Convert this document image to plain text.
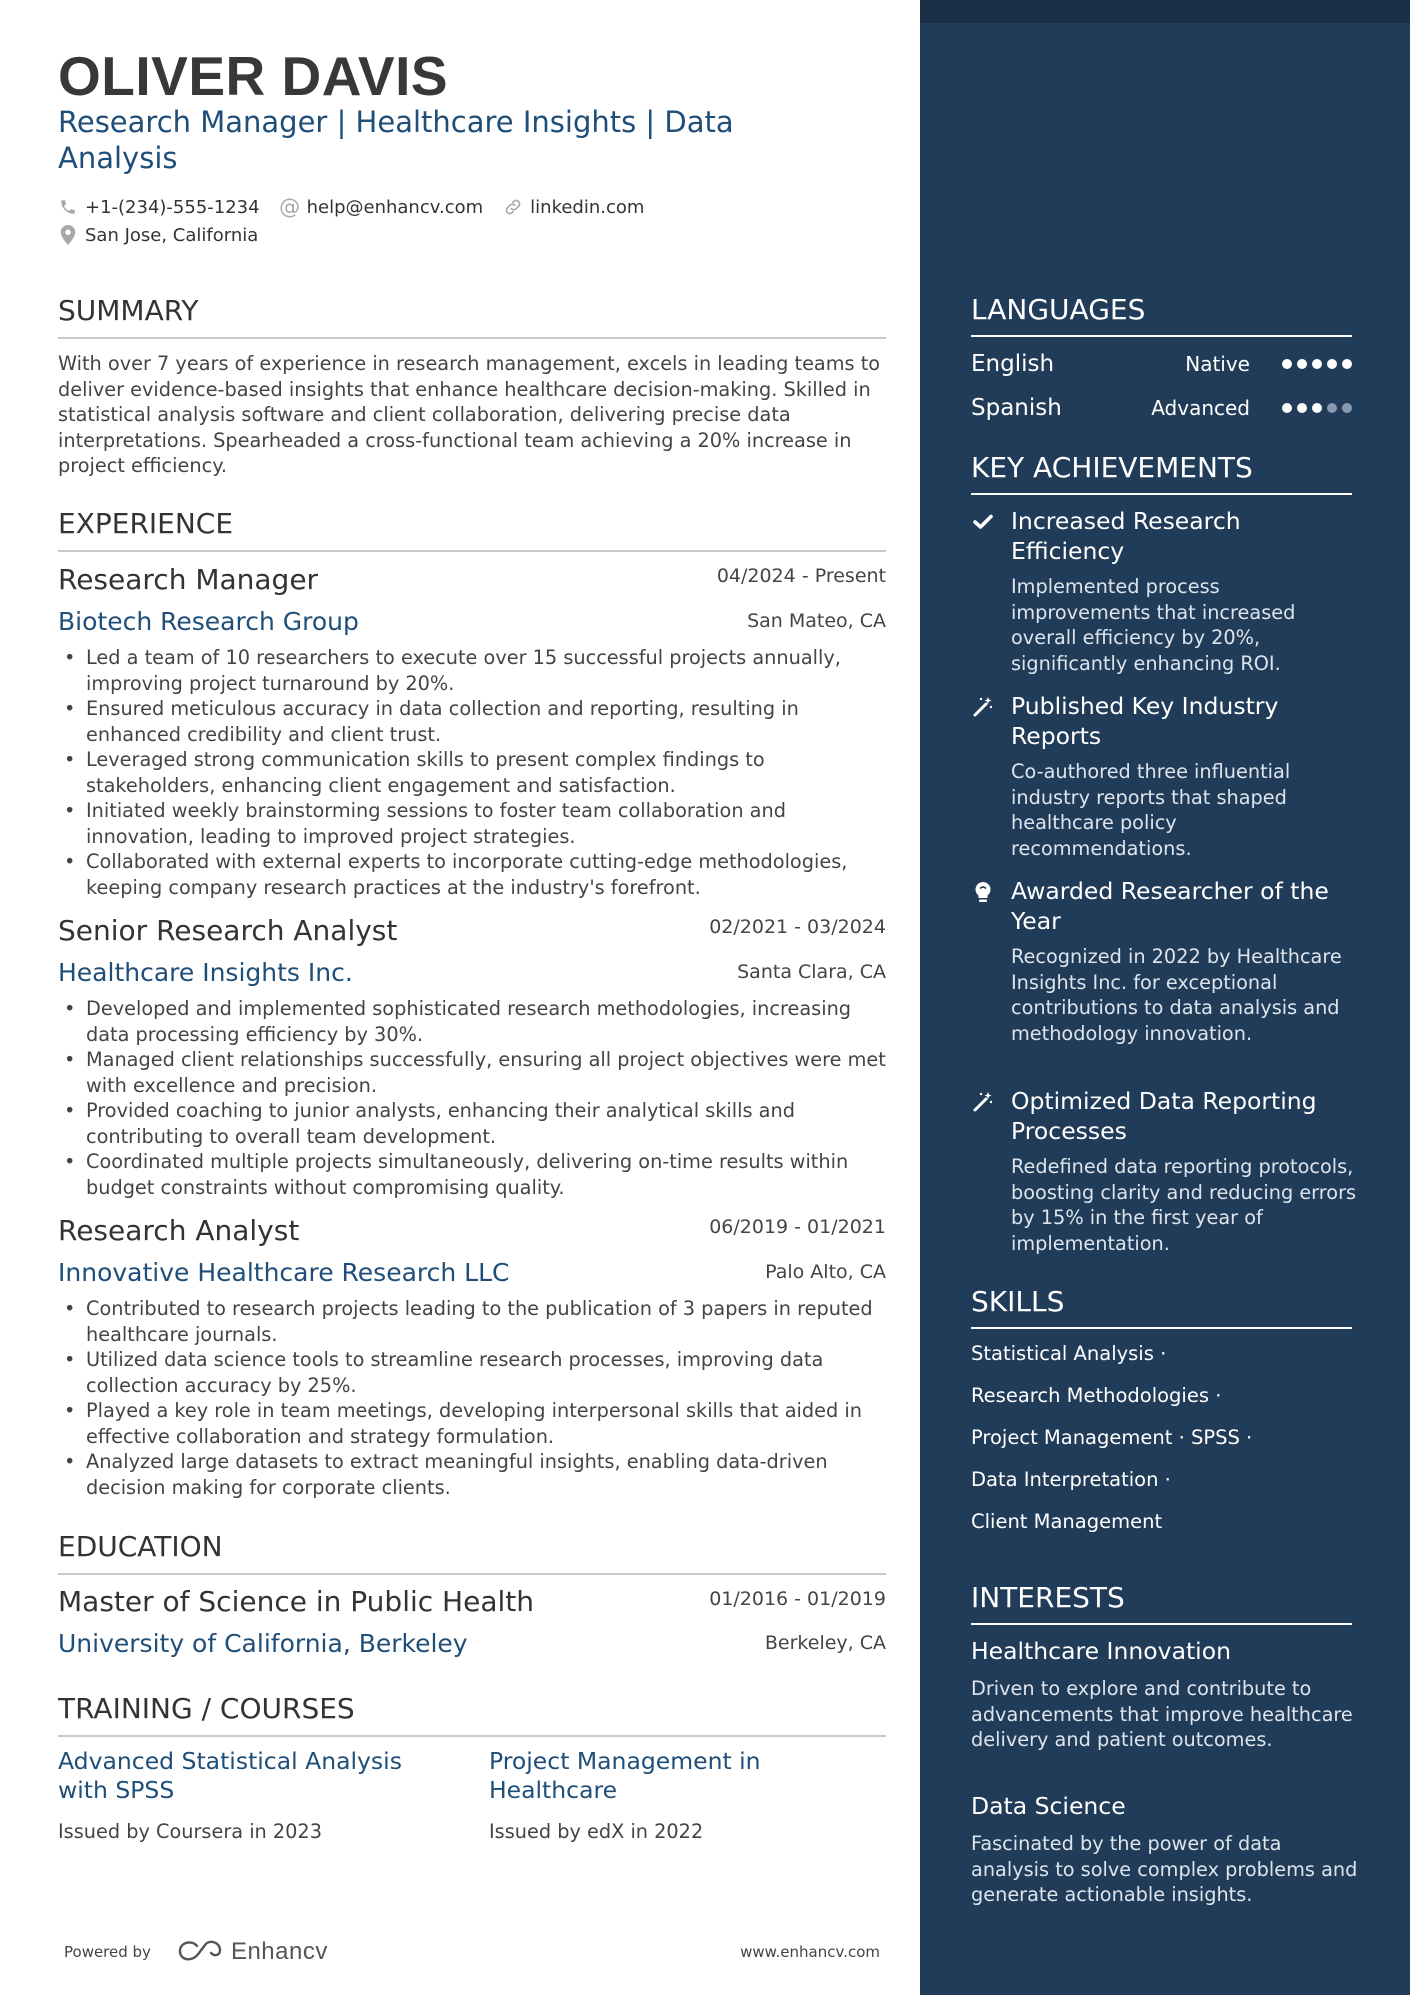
OLIVER DAVIS
Research Manager | Healthcare Insights | Data Analysis
+1-(234)-555-1234 @ help@enhancv.com	linkedin.com
San Jose, California
SUMMARY
With over 7 years of experience in research management, excels in leading teams to deliver evidence-based insights that enhance healthcare decision-making. Skilled in statistical analysis software and client collaboration, delivering precise data interpretations. Spearheaded a cross-functional team achieving a 20% increase in project efficiency.
EXPERIENCE
Research Manager	04/2024 - Present
Biotech Research Group	San Mateo, CA
• Led a team of 10 researchers to execute over 15 successful projects annually, improving project turnaround by 20%.
• Ensured meticulous accuracy in data collection and reporting, resulting in enhanced credibility and client trust.
• Leveraged strong communication skills to present complex findings to stakeholders, enhancing client engagement and satisfaction.
• Initiated weekly brainstorming sessions to foster team collaboration and innovation, leading to improved project strategies.
• Collaborated with external experts to incorporate cutting-edge methodologies, keeping company research practices at the industry's forefront.
Senior Research Analyst	02/2021 - 03/2024
Healthcare Insights Inc.	Santa Clara, CA
• Developed and implemented sophisticated research methodologies, increasing data processing efficiency by 30%.
• Managed client relationships successfully, ensuring all project objectives were met with excellence and precision.
• Provided coaching to junior analysts, enhancing their analytical skills and contributing to overall team development.
• Coordinated multiple projects simultaneously, delivering on-time results within budget constraints without compromising quality.
Research Analyst	06/2019 - 01/2021
Innovative Healthcare Research LLC	Palo Alto, CA
• Contributed to research projects leading to the publication of 3 papers in reputed healthcare journals.
• Utilized data science tools to streamline research processes, improving data collection accuracy by 25%.
• Played a key role in team meetings, developing interpersonal skills that aided in effective collaboration and strategy formulation.
• Analyzed large datasets to extract meaningful insights, enabling data-driven decision making for corporate clients.
EDUCATION
Master of Science in Public Health	01/2016 - 01/2019
University of California, Berkeley	Berkeley, CA
TRAINING / COURSES
Advanced Statistical Analysis with SPSS
Issued by Coursera in 2023
Project Management in Healthcare
Issued by edX in 2022
Powered by	Enhancv	www.enhancv.com
LANGUAGES
English	Native
Spanish	Advanced
KEY ACHIEVEMENTS
Increased Research Efficiency
Implemented process improvements that increased overall efficiency by 20%, significantly enhancing ROI.
Published Key Industry Reports
Co-authored three influential industry reports that shaped healthcare policy recommendations.
Awarded Researcher of the Year
Recognized in 2022 by Healthcare Insights Inc. for exceptional contributions to data analysis and methodology innovation.
Optimized Data Reporting Processes
Redefined data reporting protocols, boosting clarity and reducing errors by 15% in the first year of implementation.
SKILLS
Statistical Analysis ·
Research Methodologies ·
Project Management · SPSS ·
Data Interpretation ·
Client Management
INTERESTS
Healthcare Innovation
Driven to explore and contribute to advancements that improve healthcare delivery and patient outcomes.
Data Science
Fascinated by the power of data analysis to solve complex problems and generate actionable insights.
